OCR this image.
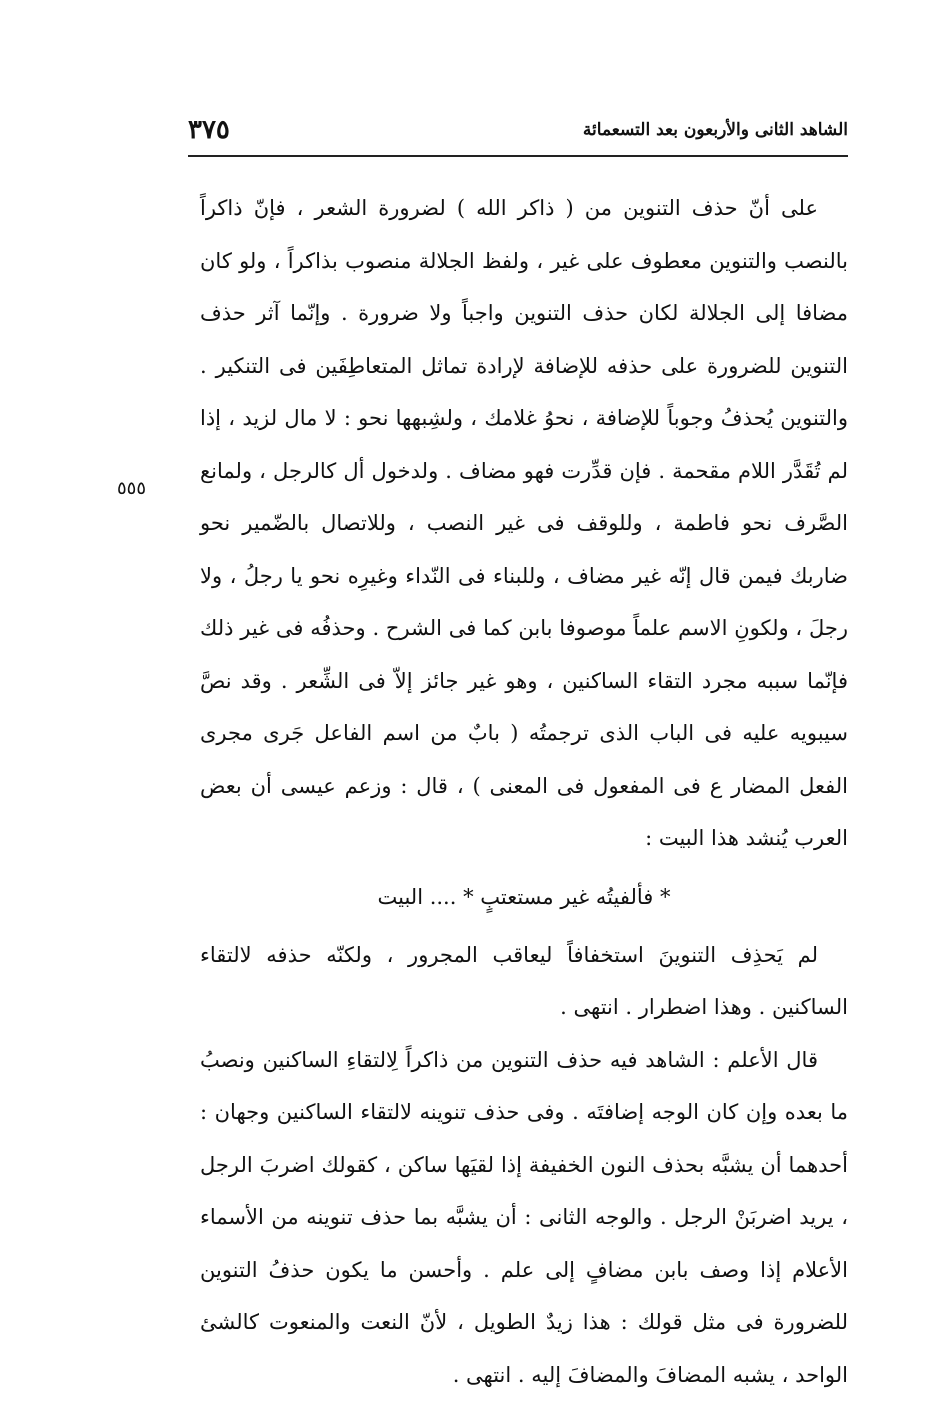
الشاهد الثانى والأربعون بعد التسعمائة
٣٧٥
٥٥٥

على أنّ حذف التنوين من ( ذاكر الله ) لضرورة الشعر ، فإنّ ذاكراً بالنصب والتنوين معطوف على غير ، ولفظ الجلالة منصوب بذاكراً ، ولو كان مضافا إلى الجلالة لكان حذف التنوين واجباً ولا ضرورة . وإنّما آثر حذف التنوين للضرورة على حذفه للإضافة لإرادة تماثل المتعاطِفَين فى التنكير . والتنوين يُحذفُ وجوباً للإضافة ، نحوُ غلامك ، ولشِبهها نحو : لا مال لزيد ، إذا لم تُقَدَّر اللام مقحمة . فإن قدِّرت فهو مضاف . ولدخول أل كالرجل ، ولمانع الصَّرف نحو فاطمة ، وللوقف فى غير النصب ، وللاتصال بالضّمير نحو ضاربك فيمن قال إنّه غير مضاف ، وللبناء فى النّداء وغيرِه نحو يا رجلُ ، ولا رجلَ ، ولكونِ الاسم علماً موصوفا بابن كما فى الشرح . وحذفُه فى غير ذلك فإنّما سببه مجرد التقاء الساكنين ، وهو غير جائز إلاّ فى الشِّعر . وقد نصَّ سيبويه عليه فى الباب الذى ترجمتُه ( بابٌ من اسم الفاعل جَرى مجرى الفعل المضار ع فى المفعول فى المعنى ) ، قال : وزعم عيسى أن بعض العرب يُنشد هذا البيت :

* فألفيتُه غير مستعتبٍ * .... البيت

لم يَحذِف التنوينَ استخفافاً ليعاقب المجرور ، ولكنّه حذفه لالتقاء الساكنين . وهذا اضطرار . انتهى .

قال الأعلم : الشاهد فيه حذف التنوين من ذاكراً لِالتقاءِ الساكنين ونصبُ ما بعده وإن كان الوجه إضافتَه . وفى حذف تنوينه لالتقاء الساكنين وجهان : أحدهما أن يشبَّه بحذف النون الخفيفة إذا لقيَها ساكن ، كقولك اضربَ الرجل ، يريد اضربَنْ الرجل . والوجه الثانى : أن يشبَّه بما حذف تنوينه من الأسماء الأعلام إذا وصف بابن مضافٍ إلى علم . وأحسن ما يكون حذفُ التنوين للضرورة فى مثل قولك : هذا زيدٌ الطويل ، لأنّ النعت والمنعوت كالشئ الواحد ، يشبه المضافَ والمضافَ إليه . انتهى .
